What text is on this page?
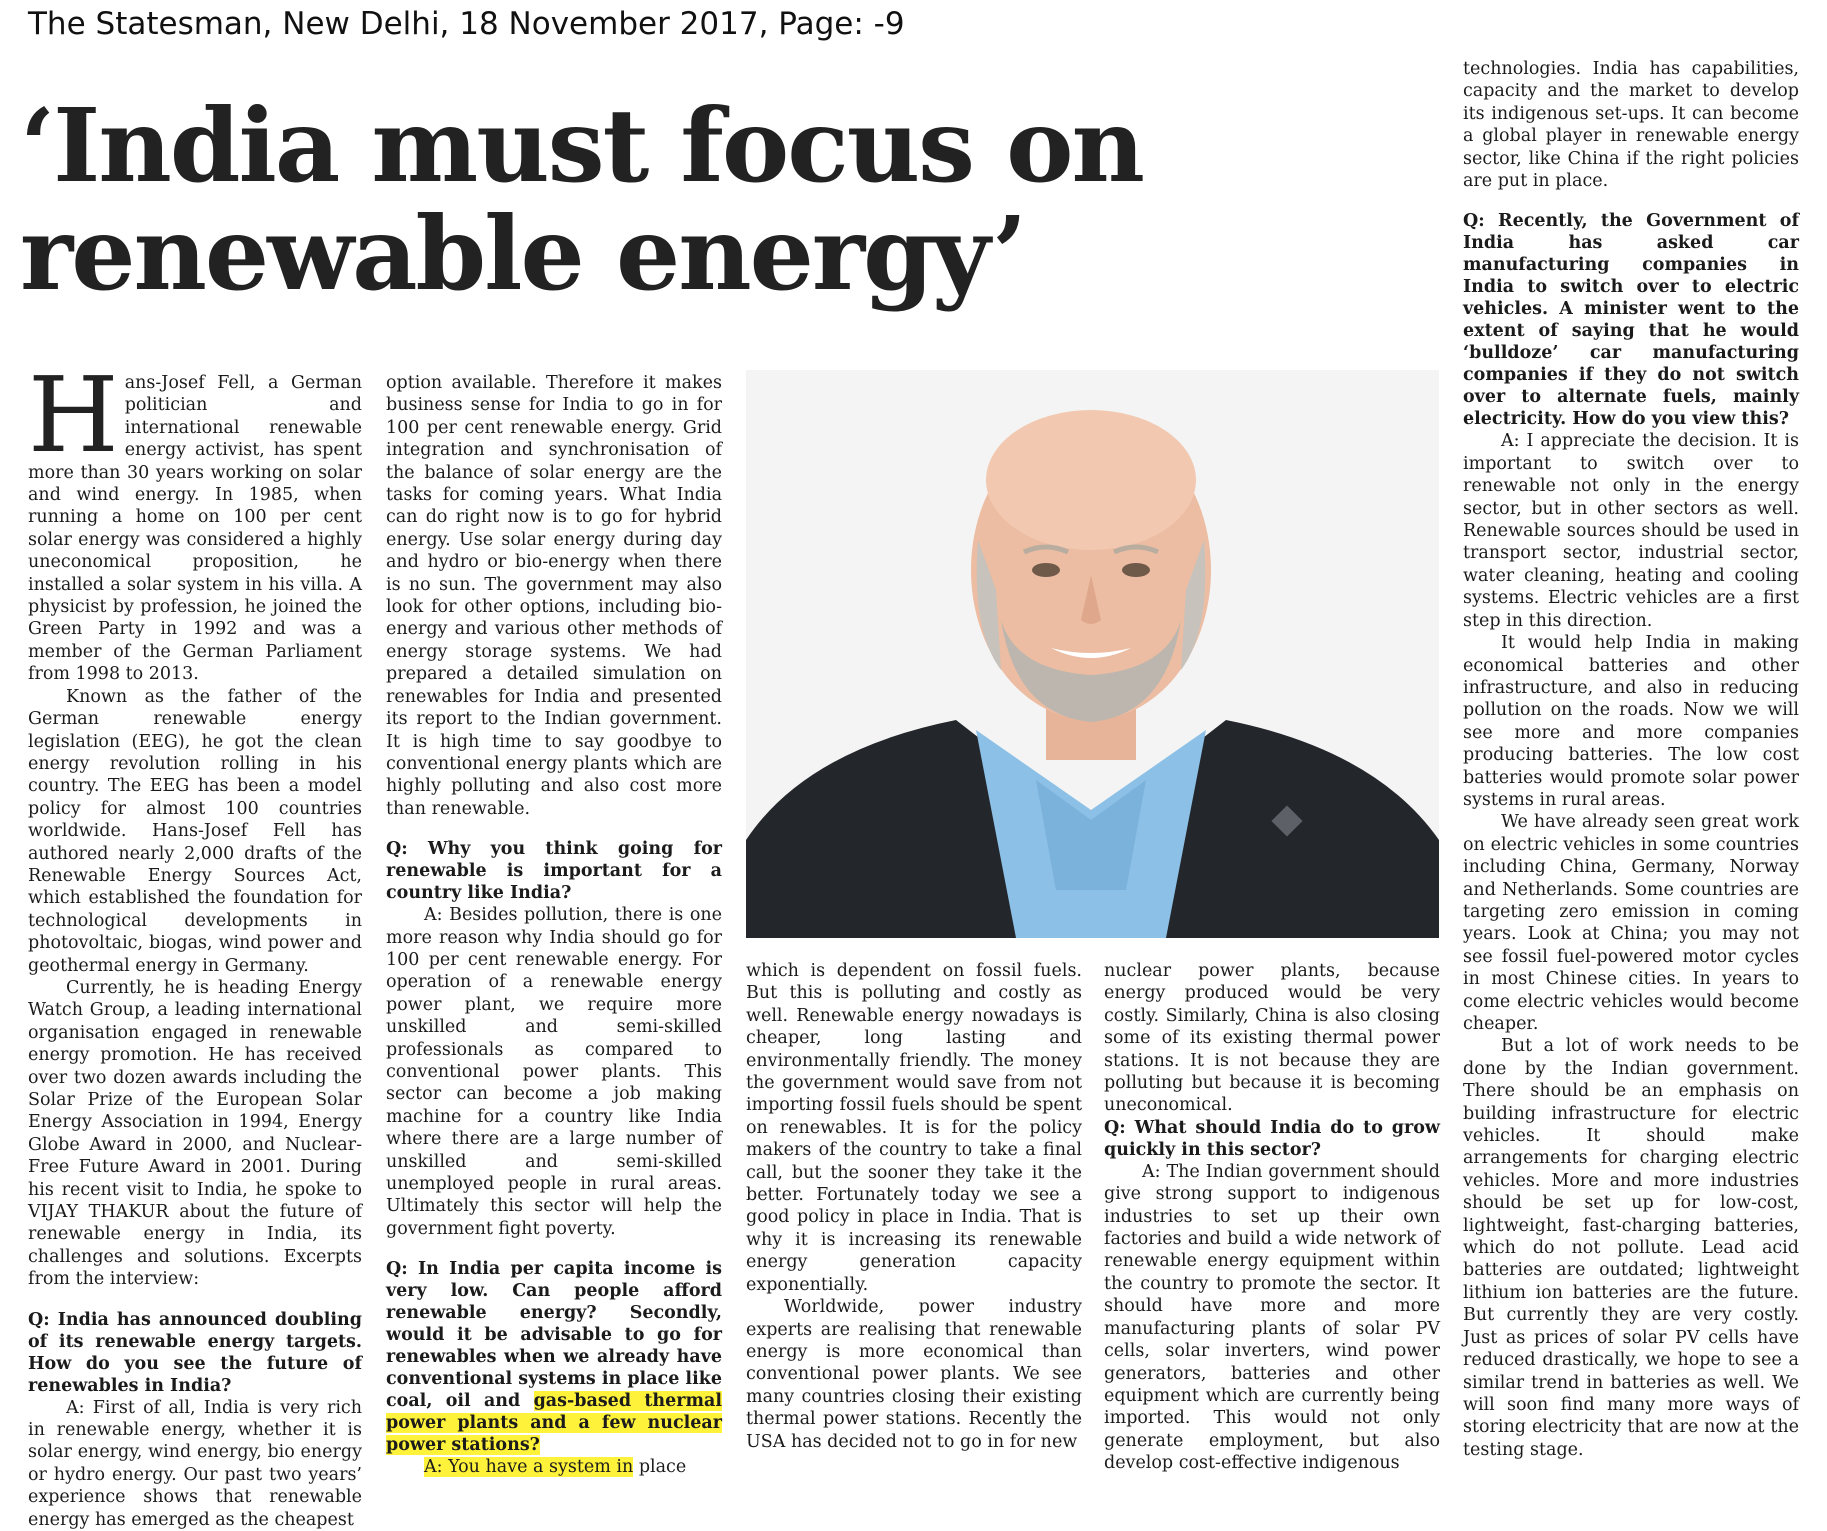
The Statesman, New Delhi, 18 November 2017, Page: -9
‘India must focus on renewable energy’

Hans-Josef Fell, a German politician and international renewable energy activist, has spent more than 30 years working on solar and wind energy. In 1985, when running a home on 100 per cent solar energy was considered a highly uneconomical proposition, he installed a solar system in his villa. A physicist by profession, he joined the Green Party in 1992 and was a member of the German Parliament from 1998 to 2013.

Known as the father of the German renewable energy legislation (EEG), he got the clean energy revolution rolling in his country. The EEG has been a model policy for almost 100 countries worldwide. Hans-Josef Fell has authored nearly 2,000 drafts of the Renewable Energy Sources Act, which established the foundation for technological developments in photovoltaic, biogas, wind power and geothermal energy in Germany.

Currently, he is heading Energy Watch Group, a leading international organisation engaged in renewable energy promotion. He has received over two dozen awards including the Solar Prize of the European Solar Energy Association in 1994, Energy Globe Award in 2000, and Nuclear-Free Future Award in 2001. During his recent visit to India, he spoke to VIJAY THAKUR about the future of renewable energy in India, its challenges and solutions. Excerpts from the interview:

Q: India has announced doubling of its renewable energy targets. How do you see the future of renewables in India?

A: First of all, India is very rich in renewable energy, whether it is solar energy, wind energy, bio energy or hydro energy. Our past two years’ experience shows that renewable energy has emerged as the cheapest

option available. Therefore it makes business sense for India to go in for 100 per cent renewable energy. Grid integration and synchronisation of the balance of solar energy are the tasks for coming years. What India can do right now is to go for hybrid energy. Use solar energy during day and hydro or bio-energy when there is no sun. The government may also look for other options, including bio-energy and various other methods of energy storage systems. We had prepared a detailed simulation on renewables for India and presented its report to the Indian government. It is high time to say goodbye to conventional energy plants which are highly polluting and also cost more than renewable.

Q: Why you think going for renewable is important for a country like India?

A: Besides pollution, there is one more reason why India should go for 100 per cent renewable energy. For operation of a renewable energy power plant, we require more unskilled and semi-skilled professionals as compared to conventional power plants. This sector can become a job making machine for a country like India where there are a large number of unskilled and semi-skilled unemployed people in rural areas. Ultimately this sector will help the government fight poverty.

Q: In India per capita income is very low. Can people afford renewable energy? Secondly, would it be advisable to go for renewables when we already have conventional systems in place like coal, oil and gas-based thermal power plants and a few nuclear power stations?

A: You have a system in place

which is dependent on fossil fuels. But this is polluting and costly as well. Renewable energy nowadays is cheaper, long lasting and environmentally friendly. The money the government would save from not importing fossil fuels should be spent on renewables. It is for the policy makers of the country to take a final call, but the sooner they take it the better. Fortunately today we see a good policy in place in India. That is why it is increasing its renewable energy generation capacity exponentially.

Worldwide, power industry experts are realising that renewable energy is more economical than conventional power plants. We see many countries closing their existing thermal power stations. Recently the USA has decided not to go in for new

nuclear power plants, because energy produced would be very costly. Similarly, China is also closing some of its existing thermal power stations. It is not because they are polluting but because it is becoming uneconomical.

Q: What should India do to grow quickly in this sector?

A: The Indian government should give strong support to indigenous industries to set up their own factories and build a wide network of renewable energy equipment within the country to promote the sector. It should have more and more manufacturing plants of solar PV cells, solar inverters, wind power generators, batteries and other equipment which are currently being imported. This would not only generate employment, but also develop cost-effective indigenous

technologies. India has capabilities, capacity and the market to develop its indigenous set-ups. It can become a global player in renewable energy sector, like China if the right policies are put in place.

Q: Recently, the Government of India has asked car manufacturing companies in India to switch over to electric vehicles. A minister went to the extent of saying that he would ‘bulldoze’ car manufacturing companies if they do not switch over to alternate fuels, mainly electricity. How do you view this?

A: I appreciate the decision. It is important to switch over to renewable not only in the energy sector, but in other sectors as well. Renewable sources should be used in transport sector, industrial sector, water cleaning, heating and cooling systems. Electric vehicles are a first step in this direction.

It would help India in making economical batteries and other infrastructure, and also in reducing pollution on the roads. Now we will see more and more companies producing batteries. The low cost batteries would promote solar power systems in rural areas.

We have already seen great work on electric vehicles in some countries including China, Germany, Norway and Netherlands. Some countries are targeting zero emission in coming years. Look at China; you may not see fossil fuel-powered motor cycles in most Chinese cities. In years to come electric vehicles would become cheaper.

But a lot of work needs to be done by the Indian government. There should be an emphasis on building infrastructure for electric vehicles. It should make arrangements for charging electric vehicles. More and more industries should be set up for low-cost, lightweight, fast-charging batteries, which do not pollute. Lead acid batteries are outdated; lightweight lithium ion batteries are the future. But currently they are very costly. Just as prices of solar PV cells have reduced drastically, we hope to see a similar trend in batteries as well. We will soon find many more ways of storing electricity that are now at the testing stage.
